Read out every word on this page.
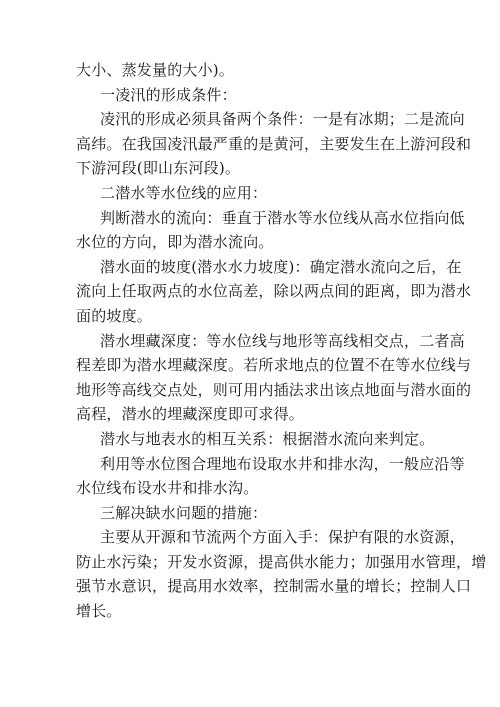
大小、蒸发量的大小)。
一凌汛的形成条件：
凌汛的形成必须具备两个条件：一是有冰期；二是流向
高纬。在我国凌汛最严重的是黄河，主要发生在上游河段和
下游河段(即山东河段)。
二潜水等水位线的应用：
判断潜水的流向：垂直于潜水等水位线从高水位指向低
水位的方向，即为潜水流向。
潜水面的坡度(潜水水力坡度)：确定潜水流向之后，在
流向上任取两点的水位高差，除以两点间的距离，即为潜水
面的坡度。
潜水埋藏深度：等水位线与地形等高线相交点，二者高
程差即为潜水埋藏深度。若所求地点的位置不在等水位线与
地形等高线交点处，则可用内插法求出该点地面与潜水面的
高程，潜水的埋藏深度即可求得。
潜水与地表水的相互关系：根据潜水流向来判定。
利用等水位图合理地布设取水井和排水沟，一般应沿等
水位线布设水井和排水沟。
三解决缺水问题的措施：
主要从开源和节流两个方面入手：保护有限的水资源，
防止水污染；开发水资源，提高供水能力；加强用水管理，增
强节水意识，提高用水效率，控制需水量的增长；控制人口
增长。
